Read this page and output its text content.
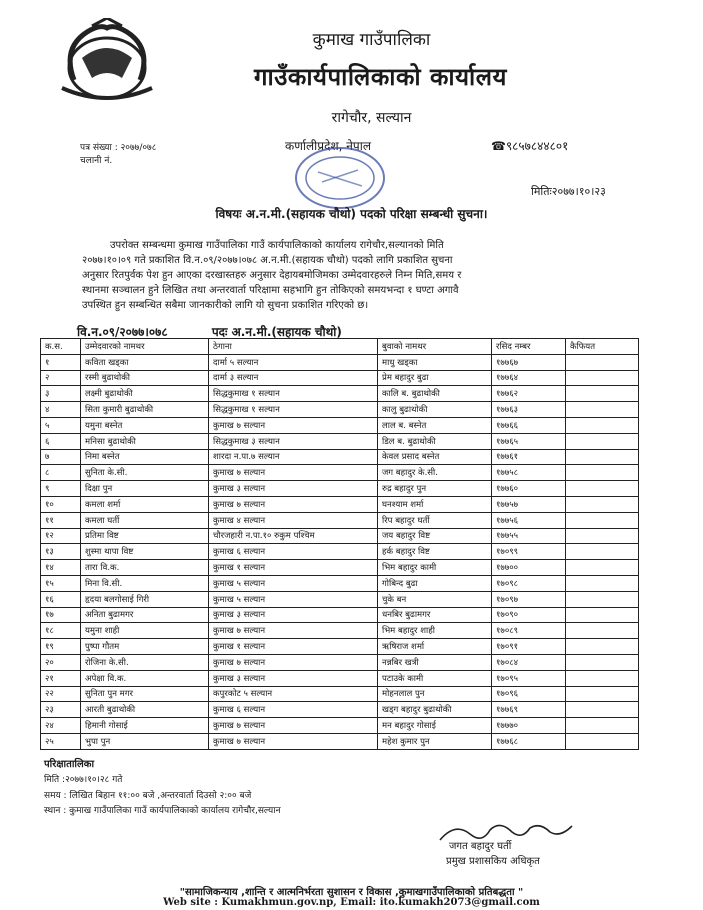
कुमाख गाउँपालिका
गाउँकार्यपालिकाको कार्यालय
रागेचौर, सल्यान
पत्र संख्या : २०७७/०७८
चलानी नं.
कर्णालीप्रदेश, नेपाल	☎९८५७८४४८०१
मितिः२०७७।१०।२३
विषयः अ.न.मी.(सहायक चौथो) पदको परिक्षा सम्बन्धी सुचना।
उपरोक्त सम्बन्धमा कुमाख गाउँपालिका गाउँ कार्यपालिकाको कार्यालय रागेचौर,सल्यानको मिति
२०७७।१०।०९ गते प्रकाशित वि.न.०९/२०७७।०७८ अ.न.मी.(सहायक चौथो) पदको लागि प्रकाशित सुचना
अनुसार रितपुर्वक पेश हुन आएका दरखास्तहरु अनुसार देहायबमोजिमका उम्मेदवारहरुले निम्न मिति,समय र
स्थानमा सञ्चालन हुने लिखित तथा अन्तरवार्ता परिक्षामा सहभागि हुन तोकिएको समयभन्दा १ घण्टा अगावै
उपस्थित हुन सम्बन्धित सबैमा जानकारीको लागि यो सुचना प्रकाशित गरिएको छ।
वि.न.०९/२०७७।०७८	पदः अ.न.मी.(सहायक चौथो)
क.स.	उम्मेदवारको नामथर	ठेगाना	बुवाको नामथर	रसिद नम्बर	कैफियत
१	कविता खड्का	दार्मा ५ सल्यान	माधु खड्का	१७७६७	
२	रस्मी बुढाथोकी	दार्मा ३ सल्यान	प्रेम बहादुर बुढा	१७७६४	
३	लक्ष्मी बुढाथोकी	सिद्धकुमाख १ सल्यान	कालि ब. बुढाथोकी	१७७६२	
४	सिता कुमारी बुढाथोकी	सिद्धकुमाख १ सल्यान	कालु बुढाथोकी	१७७६३	
५	यमुना बस्नेत	कुमाख ७ सल्यान	लाल ब. बस्नेत	१७७६६	
६	मनिसा बुढाथोकी	सिद्धकुमाख ३ सल्यान	डिल ब. बुढाथोकी	१७७६५	
७	निमा बस्नेत	शारदा न.पा.७ सल्यान	केवल प्रसाद बस्नेत	१७७६१	
८	सुनिता के.सी.	कुमाख ७ सल्यान	जग बहादुर के.सी.	१७७५८	
९	दिक्षा पुन	कुमाख ३ सल्यान	रुद्र बहादुर पुन	१७७६०	
१०	कमला शर्मा	कुमाख ७ सल्यान	घनश्याम शर्मा	१७७५७	
११	कमला घर्ती	कुमाख ४ सल्यान	रिप बहादुर घर्ती	१७७५६	
१२	प्रतिमा विष्ट	चौरजहारी न.पा.१० रुकुम पश्चिम	जय बहादुर विष्ट	१७७५५	
१३	शुस्मा थापा विष्ट	कुमाख ६ सल्यान	हर्क बहादुर विष्ट	१७०९९	
१४	तारा वि.क.	कुमाख १ सल्यान	भिम बहादुर कामी	१७७००	
१५	मिना वि.सी.	कुमाख ५ सल्यान	गोबिन्द बुढा	१७०९८	
१६	हृदया बलगोसाई गिरी	कुमाख ५ सल्यान	चुके बन	१७०९७	
१७	अनिता बुढामगर	कुमाख ३ सल्यान	धनबिर बुढामगर	१७०९०	
१८	यमुना शाही	कुमाख ७ सल्यान	भिम बहादुर शाही	१७०८९	
१९	पुष्पा गौतम	कुमाख १ सल्यान	ऋषिराज शर्मा	१७०९१	
२०	रोजिना के.सी.	कुमाख ७ सल्यान	नन्नबिर खत्री	१७०८४	
२१	अपेक्षा वि.क.	कुमाख ३ सल्यान	पटाउके कामी	१७०९५	
२२	सुनिता पुन मगर	कपुरकोट ५ सल्यान	मोहनलाल पुन	१७०९६	
२३	आरती बुढाथोकी	कुमाख ६ सल्यान	खड्ग बहादुर बुढाथोकी	१७७६९	
२४	हिमानी गोसाई	कुमाख ७ सल्यान	मन बहादुर गोसाई	१७७७०	
२५	भुपा पुन	कुमाख ७ सल्यान	महेश कुमार पुन	१७७६८	
परिक्षातालिका
मिति :२०७७।१०।२८ गते
समय : लिखित बिहान ११:०० बजे ,अन्तरवार्ता दिउसो २:०० बजे
स्थान : कुमाख गाउँपालिका गाउँ कार्यपालिकाको कार्यालय रागेचौर,सल्यान
जगत बहादुर घर्ती
प्रमुख प्रशासकिय अधिकृत
"सामाजिकन्याय ,शान्ति र आत्मनिर्भरता सुशासन र विकास ,कुमाखगाउँपालिकाको प्रतिबद्धता "
Web site : Kumakhmun.gov.np, Email: ito.kumakh2073@gmail.com
